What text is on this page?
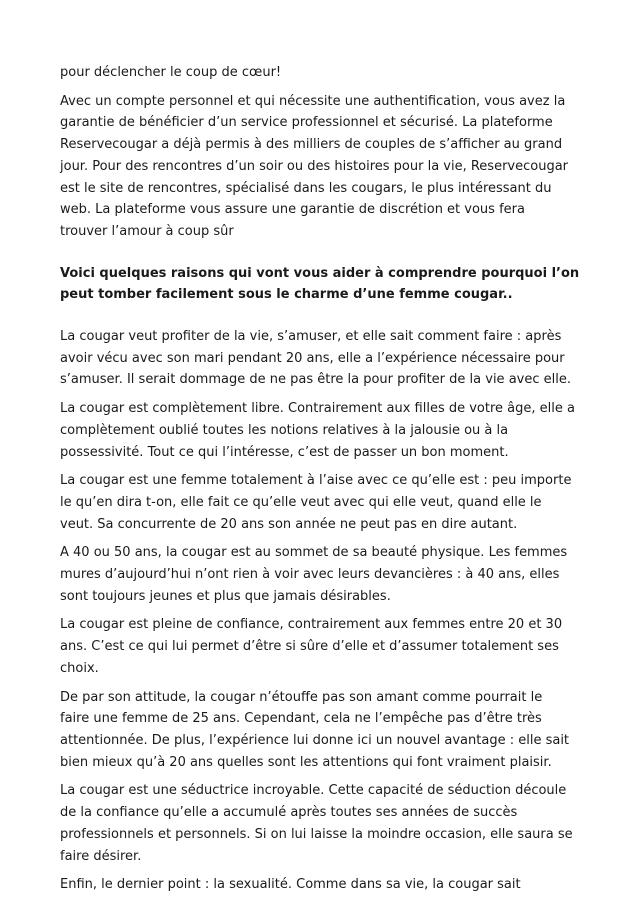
pour déclencher le coup de cœur!

Avec un compte personnel et qui nécessite une authentification, vous avez la
garantie de bénéficier d’un service professionnel et sécurisé. La plateforme
Reservecougar a déjà permis à des milliers de couples de s’afficher au grand
jour. Pour des rencontres d’un soir ou des histoires pour la vie, Reservecougar
est le site de rencontres, spécialisé dans les cougars, le plus intéressant du
web. La plateforme vous assure une garantie de discrétion et vous fera
trouver l’amour à coup sûr

Voici quelques raisons qui vont vous aider à comprendre pourquoi l’on
peut tomber facilement sous le charme d’une femme cougar..

La cougar veut profiter de la vie, s’amuser, et elle sait comment faire : après
avoir vécu avec son mari pendant 20 ans, elle a l’expérience nécessaire pour
s’amuser. Il serait dommage de ne pas être la pour profiter de la vie avec elle.

La cougar est complètement libre. Contrairement aux filles de votre âge, elle a
complètement oublié toutes les notions relatives à la jalousie ou à la
possessivité. Tout ce qui l’intéresse, c’est de passer un bon moment.

La cougar est une femme totalement à l’aise avec ce qu’elle est : peu importe
le qu’en dira t-on, elle fait ce qu’elle veut avec qui elle veut, quand elle le
veut. Sa concurrente de 20 ans son année ne peut pas en dire autant.

A 40 ou 50 ans, la cougar est au sommet de sa beauté physique. Les femmes
mures d’aujourd’hui n’ont rien à voir avec leurs devancières : à 40 ans, elles
sont toujours jeunes et plus que jamais désirables.

La cougar est pleine de confiance, contrairement aux femmes entre 20 et 30
ans. C’est ce qui lui permet d’être si sûre d’elle et d’assumer totalement ses
choix.

De par son attitude, la cougar n’étouffe pas son amant comme pourrait le
faire une femme de 25 ans. Cependant, cela ne l’empêche pas d’être très
attentionnée. De plus, l’expérience lui donne ici un nouvel avantage : elle sait
bien mieux qu’à 20 ans quelles sont les attentions qui font vraiment plaisir.

La cougar est une séductrice incroyable. Cette capacité de séduction découle
de la confiance qu’elle a accumulé après toutes ses années de succès
professionnels et personnels. Si on lui laisse la moindre occasion, elle saura se
faire désirer.

Enfin, le dernier point : la sexualité. Comme dans sa vie, la cougar sait
